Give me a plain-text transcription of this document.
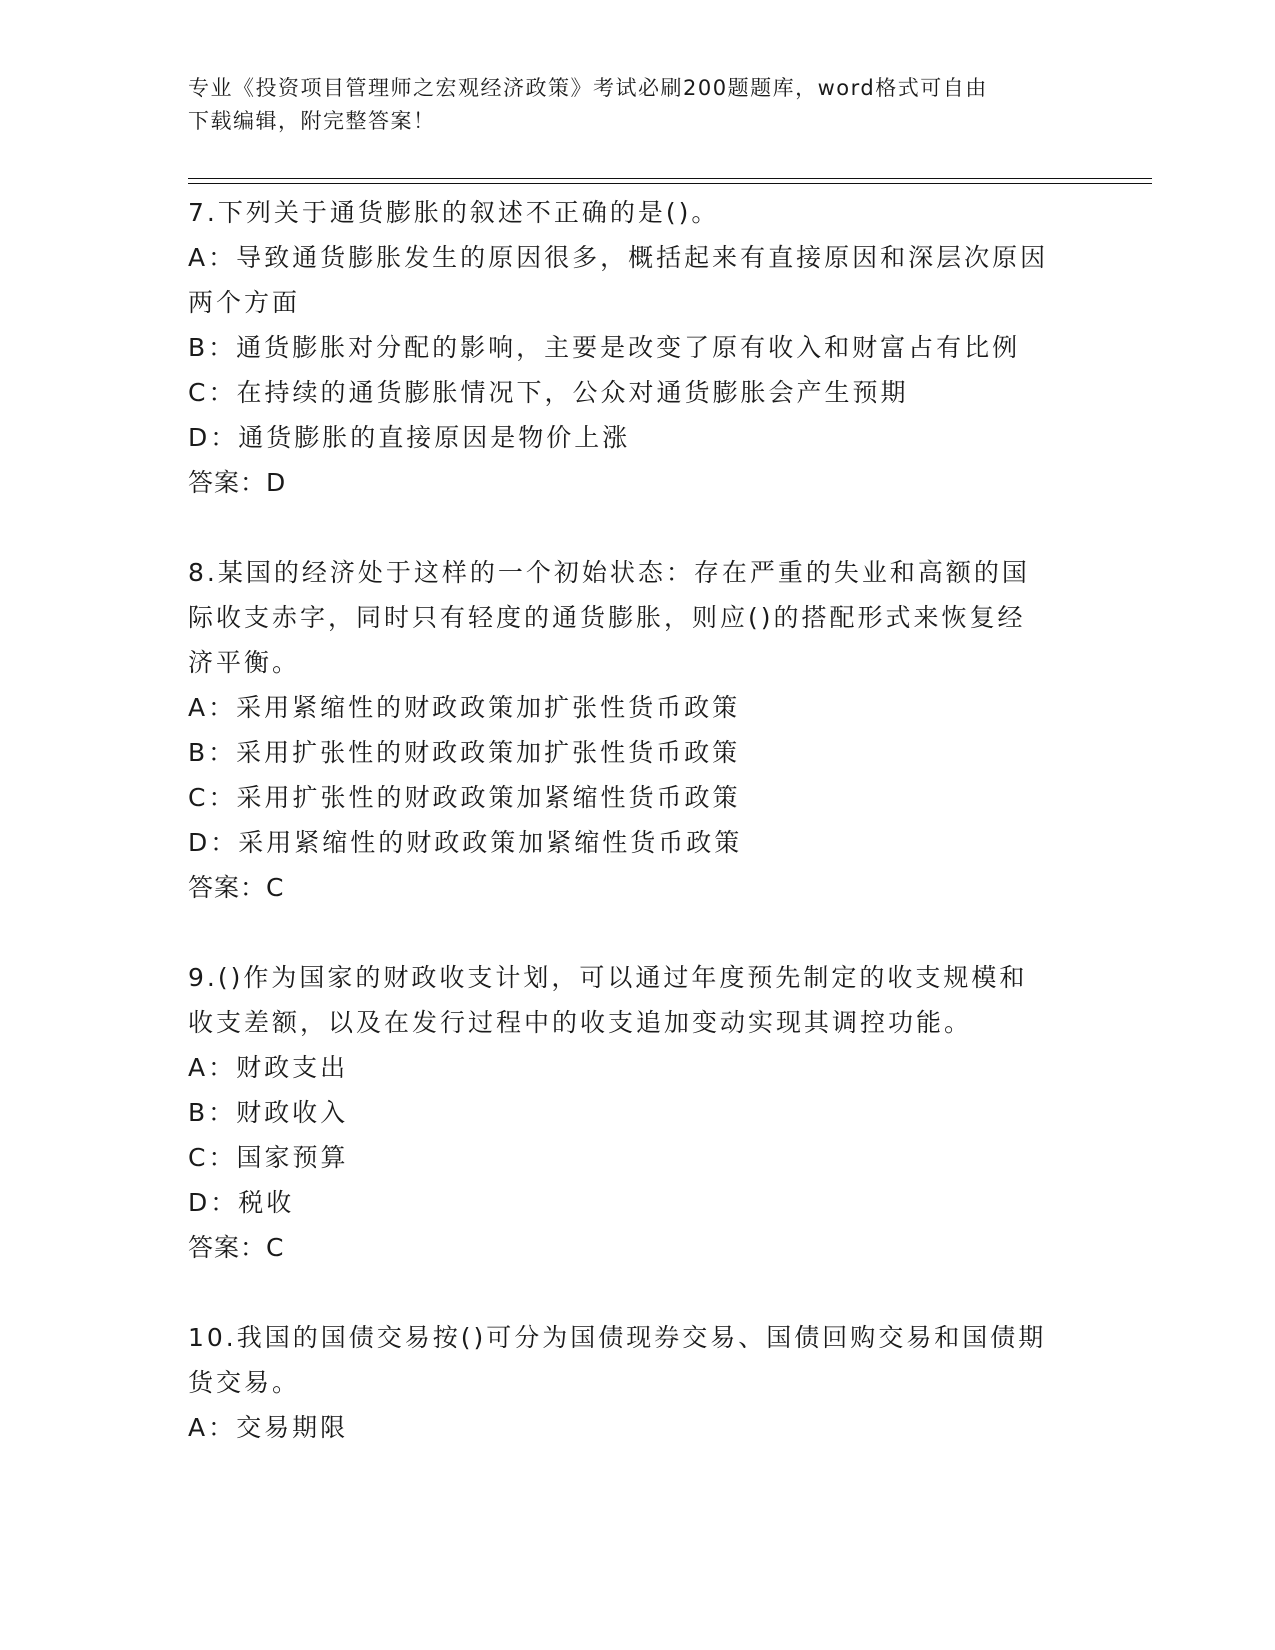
专业《投资项目管理师之宏观经济政策》考试必刷200题题库，word格式可自由
下载编辑，附完整答案！
7.下列关于通货膨胀的叙述不正确的是()。
A：导致通货膨胀发生的原因很多，概括起来有直接原因和深层次原因
两个方面
B：通货膨胀对分配的影响，主要是改变了原有收入和财富占有比例
C：在持续的通货膨胀情况下，公众对通货膨胀会产生预期
D：通货膨胀的直接原因是物价上涨
答案：D
8.某国的经济处于这样的一个初始状态：存在严重的失业和高额的国
际收支赤字，同时只有轻度的通货膨胀，则应()的搭配形式来恢复经
济平衡。
A：采用紧缩性的财政政策加扩张性货币政策
B：采用扩张性的财政政策加扩张性货币政策
C：采用扩张性的财政政策加紧缩性货币政策
D：采用紧缩性的财政政策加紧缩性货币政策
答案：C
9.()作为国家的财政收支计划，可以通过年度预先制定的收支规模和
收支差额，以及在发行过程中的收支追加变动实现其调控功能。
A：财政支出
B：财政收入
C：国家预算
D：税收
答案：C
10.我国的国债交易按()可分为国债现券交易、国债回购交易和国债期
货交易。
A：交易期限
